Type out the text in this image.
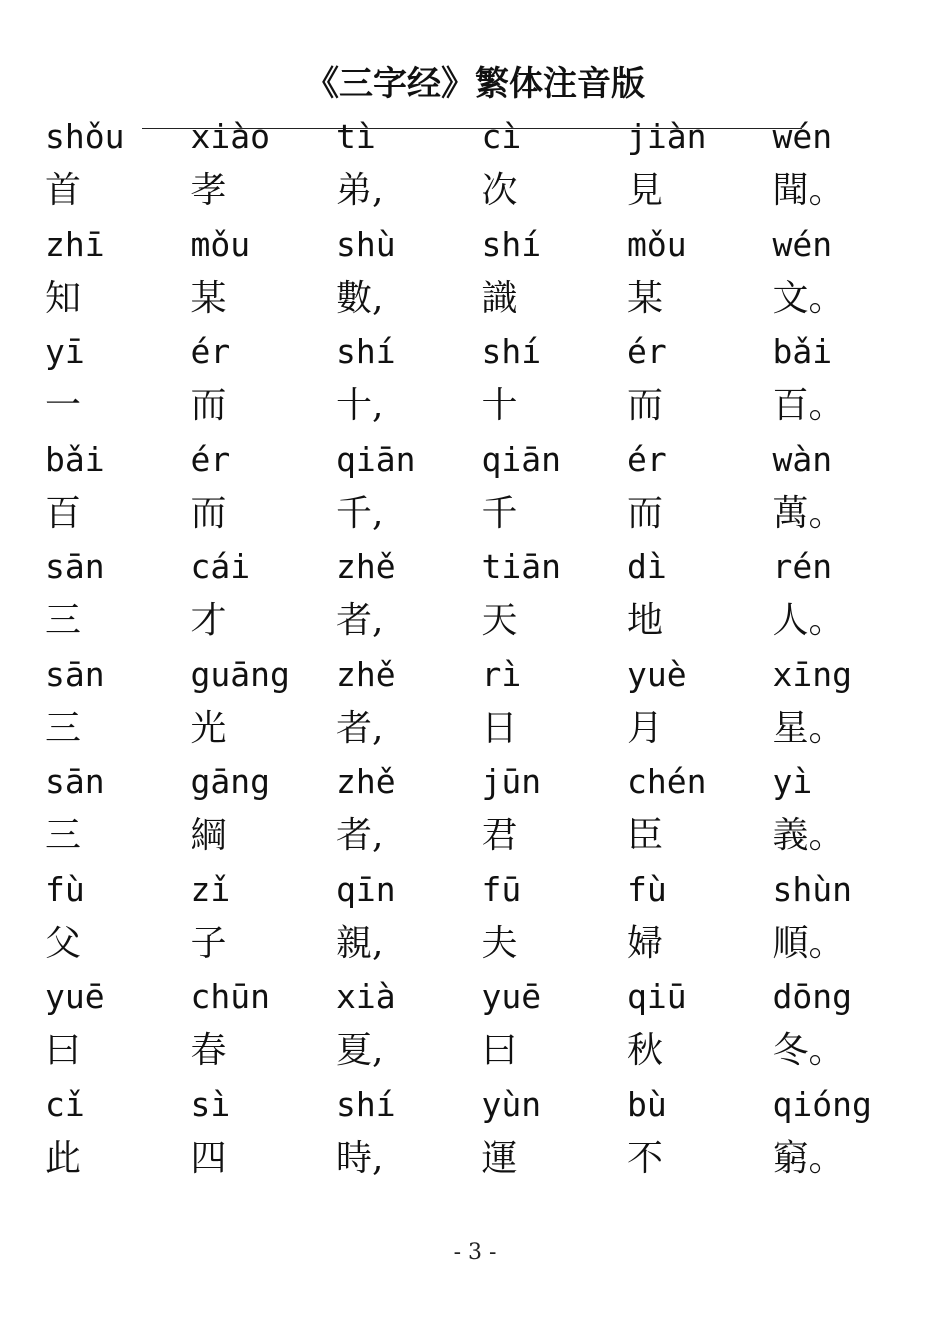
《三字经》繁体注音版
shǒu	xiào	tì	cì	jiàn	wén
首	孝	弟,	次	見	聞。
zhī	mǒu	shù	shí	mǒu	wén
知	某	數,	識	某	文。
yī	ér	shí	shí	ér	bǎi
一	而	十,	十	而	百。
bǎi	ér	qiān	qiān	ér	wàn
百	而	千,	千	而	萬。
sān	cái	zhě	tiān	dì	rén
三	才	者,	天	地	人。
sān	guāng	zhě	rì	yuè	xīng
三	光	者,	日	月	星。
sān	gāng	zhě	jūn	chén	yì
三	綱	者,	君	臣	義。
fù	zǐ	qīn	fū	fù	shùn
父	子	親,	夫	婦	順。
yuē	chūn	xià	yuē	qiū	dōng
曰	春	夏,	曰	秋	冬。
cǐ	sì	shí	yùn	bù	qióng
此	四	時,	運	不	窮。
- 3 -
